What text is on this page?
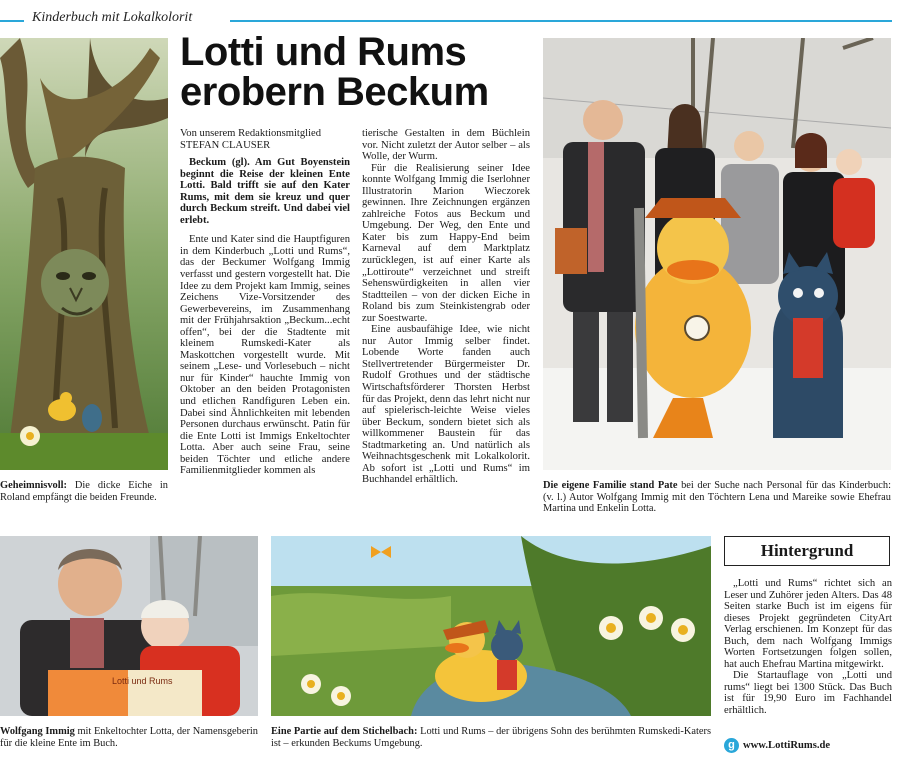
Kinderbuch mit Lokalkolorit
Geheimnisvoll: Die dicke Eiche in Roland empfängt die beiden Freunde.
Lotti und Rums
erobern Beckum
Von unserem Redaktionsmitglied
STEFAN CLAUSER

Beckum (gl). Am Gut Boyenstein beginnt die Reise der kleinen Ente Lotti. Bald trifft sie auf den Kater Rums, mit dem sie kreuz und quer durch Beckum streift. Und dabei viel erlebt.

Ente und Kater sind die Hauptfiguren in dem Kinderbuch „Lotti und Rums“, das der Beckumer Wolfgang Immig verfasst und gestern vorgestellt hat. Die Idee zu dem Projekt kam Immig, seines Zeichens Vize-Vorsitzender des Gewerbevereins, im Zusammenhang mit der Frühjahrsaktion „Beckum...echt offen“, bei der die Stadtente mit kleinem Rumskedi-Kater als Maskottchen vorgestellt wurde. Mit seinem „Lese- und Vorlesebuch – nicht nur für Kinder“ hauchte Immig von Oktober an den beiden Protagonisten und etlichen Randfiguren Leben ein. Dabei sind Ähnlichkeiten mit lebenden Personen durchaus erwünscht. Patin für die Ente Lotti ist Immigs Enkeltochter Lotta. Aber auch seine Frau, seine beiden Töchter und etliche andere Familienmitglieder kommen als

tierische Gestalten in dem Büchlein vor. Nicht zuletzt der Autor selber – als Wolle, der Wurm.

Für die Realisierung seiner Idee konnte Wolfgang Immig die Iserlohner Illustratorin Marion Wieczorek gewinnen. Ihre Zeichnungen ergänzen zahlreiche Fotos aus Beckum und Umgebung. Der Weg, den Ente und Kater bis zum Happy-End beim Karneval auf dem Marktplatz zurücklegen, ist auf einer Karte als „Lottiroute“ verzeichnet und streift Sehenswürdigkeiten in allen vier Stadtteilen – von der dicken Eiche in Roland bis zum Steinkistengrab oder zur Soestwarte.

Eine ausbaufähige Idee, wie nicht nur Autor Immig selber findet. Lobende Worte fanden auch Stellvertretender Bürgermeister Dr. Rudolf Grothues und der städtische Wirtschaftsförderer Thorsten Herbst für das Projekt, denn das lehrt nicht nur auf spielerisch-leichte Weise vieles über Beckum, sondern bietet sich als willkommener Baustein für das Stadtmarketing an. Und natürlich als Weihnachtsgeschenk mit Lokalkolorit. Ab sofort ist „Lotti und Rums“ im Buchhandel erhältlich.

Die eigene Familie stand Pate bei der Suche nach Personal für das Kinderbuch: (v. l.) Autor Wolfgang Immig mit den Töchtern Lena und Mareike sowie Ehefrau Martina und Enkelin Lotta.
Lotti und Rums
Wolfgang Immig mit Enkeltochter Lotta, der Namensgeberin für die kleine Ente im Buch.
Eine Partie auf dem Stichelbach: Lotti und Rums – der übrigens Sohn des berühmten Rumskedi-Katers ist – erkunden Beckums Umgebung.
Hintergrund

„Lotti und Rums“ richtet sich an Leser und Zuhörer jeden Alters. Das 48 Seiten starke Buch ist im eigens für dieses Projekt gegründeten CityArt Verlag erschienen. Im Konzept für das Buch, dem nach Wolfgang Immigs Worten Fortsetzungen folgen sollen, hat auch Ehefrau Martina mitgewirkt.

Die Startauflage von „Lotti und rums“ liegt bei 1300 Stück. Das Buch ist für 19,90 Euro im Fachhandel erhältlich.

g www.LottiRums.de
